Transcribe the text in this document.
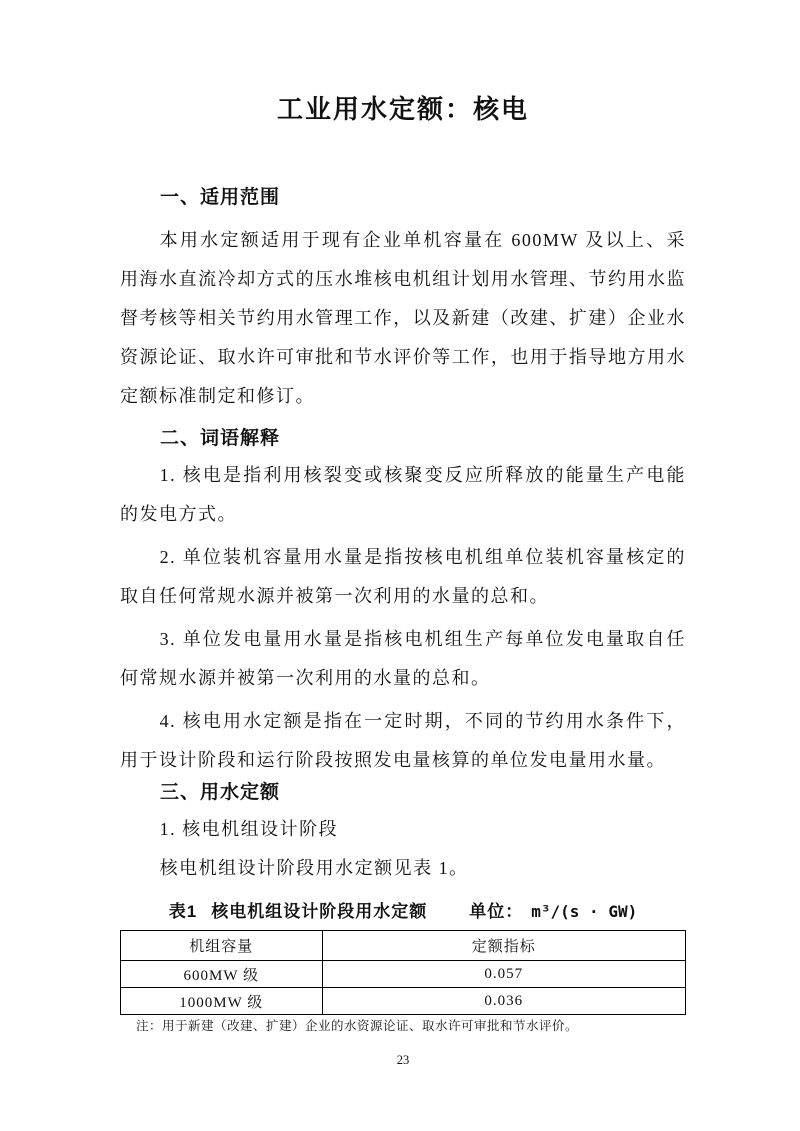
工业用水定额：核电
一、适用范围

本用水定额适用于现有企业单机容量在 600MW 及以上、采用海水直流冷却方式的压水堆核电机组计划用水管理、节约用水监督考核等相关节约用水管理工作，以及新建（改建、扩建）企业水资源论证、取水许可审批和节水评价等工作，也用于指导地方用水定额标准制定和修订。

二、词语解释

1. 核电是指利用核裂变或核聚变反应所释放的能量生产电能的发电方式。

2. 单位装机容量用水量是指按核电机组单位装机容量核定的取自任何常规水源并被第一次利用的水量的总和。

3. 单位发电量用水量是指核电机组生产每单位发电量取自任何常规水源并被第一次利用的水量的总和。

4. 核电用水定额是指在一定时期，不同的节约用水条件下，用于设计阶段和运行阶段按照发电量核算的单位发电量用水量。

三、用水定额

1. 核电机组设计阶段

核电机组设计阶段用水定额见表 1。

表1 核电机组设计阶段用水定额 单位： m³/(s · GW)
机组容量	定额指标
600MW 级	0.057
1000MW 级	0.036

注：用于新建（改建、扩建）企业的水资源论证、取水许可审批和节水评价。

23
